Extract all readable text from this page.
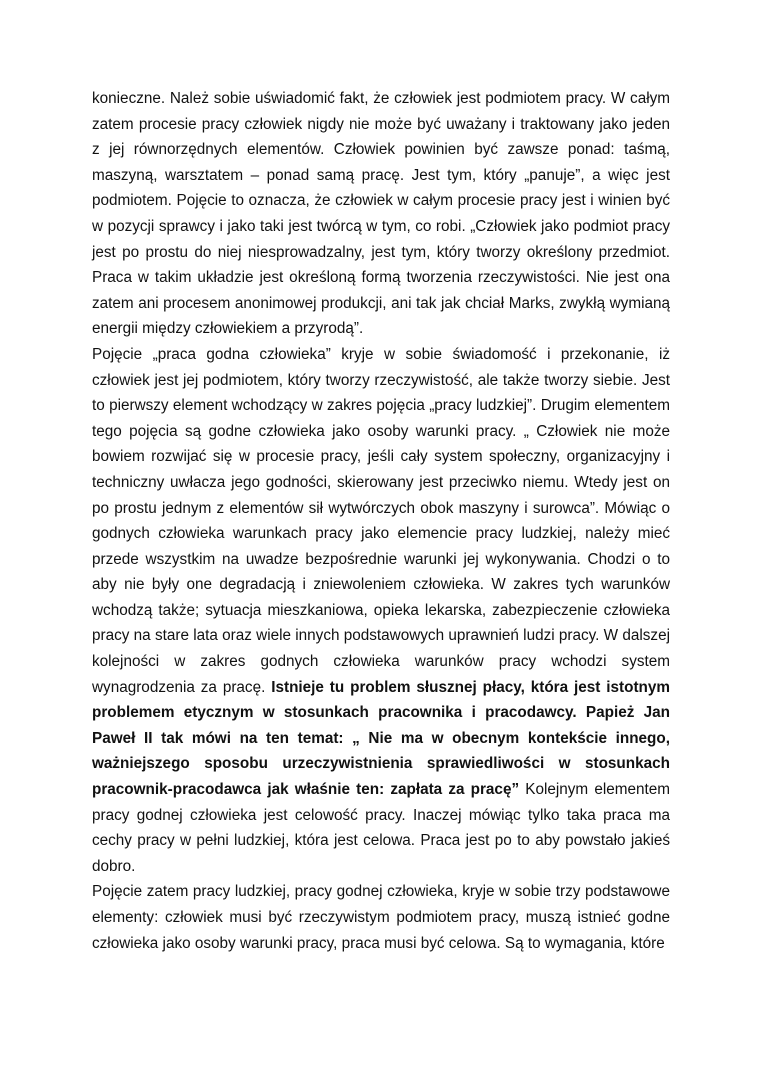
konieczne. Należ sobie uświadomić fakt, że człowiek jest podmiotem pracy. W całym zatem procesie pracy człowiek nigdy nie może być uważany i traktowany jako jeden z jej równorzędnych elementów. Człowiek powinien być zawsze ponad: taśmą, maszyną, warsztatem – ponad samą pracę. Jest tym, który „panuje”, a więc jest podmiotem. Pojęcie to oznacza, że człowiek w całym procesie pracy jest i winien być w pozycji sprawcy i jako taki jest twórcą w tym, co robi. „Człowiek jako podmiot pracy jest po prostu do niej niesprowadzalny, jest tym, który tworzy określony przedmiot. Praca w takim układzie jest określoną formą tworzenia rzeczywistości. Nie jest ona zatem ani procesem anonimowej produkcji, ani tak jak chciał Marks, zwykłą wymianą energii między człowiekiem a przyrodą”.

Pojęcie „praca godna człowieka” kryje w sobie świadomość i przekonanie, iż człowiek jest jej podmiotem, który tworzy rzeczywistość, ale także tworzy siebie. Jest to pierwszy element wchodzący w zakres pojęcia „pracy ludzkiej”. Drugim elementem tego pojęcia są godne człowieka jako osoby warunki pracy. „ Człowiek nie może bowiem rozwijać się w procesie pracy, jeśli cały system społeczny, organizacyjny i techniczny uwłacza jego godności, skierowany jest przeciwko niemu. Wtedy jest on po prostu jednym z elementów sił wytwórczych obok maszyny i surowca”. Mówiąc o godnych człowieka warunkach pracy jako elemencie pracy ludzkiej, należy mieć przede wszystkim na uwadze bezpośrednie warunki jej wykonywania. Chodzi o to aby nie były one degradacją i zniewoleniem człowieka. W zakres tych warunków wchodzą także; sytuacja mieszkaniowa, opieka lekarska, zabezpieczenie człowieka pracy na stare lata oraz wiele innych podstawowych uprawnień ludzi pracy. W dalszej kolejności w zakres godnych człowieka warunków pracy wchodzi system wynagrodzenia za pracę. Istnieje tu problem słusznej płacy, która jest istotnym problemem etycznym w stosunkach pracownika i pracodawcy. Papież Jan Paweł II tak mówi na ten temat: „ Nie ma w obecnym kontekście innego, ważniejszego sposobu urzeczywistnienia sprawiedliwości w stosunkach pracownik-pracodawca jak właśnie ten: zapłata za pracę” Kolejnym elementem pracy godnej człowieka jest celowość pracy. Inaczej mówiąc tylko taka praca ma cechy pracy w pełni ludzkiej, która jest celowa. Praca jest po to aby powstało jakieś dobro.

Pojęcie zatem pracy ludzkiej, pracy godnej człowieka, kryje w sobie trzy podstawowe elementy: człowiek musi być rzeczywistym podmiotem pracy, muszą istnieć godne człowieka jako osoby warunki pracy, praca musi być celowa. Są to wymagania, które
